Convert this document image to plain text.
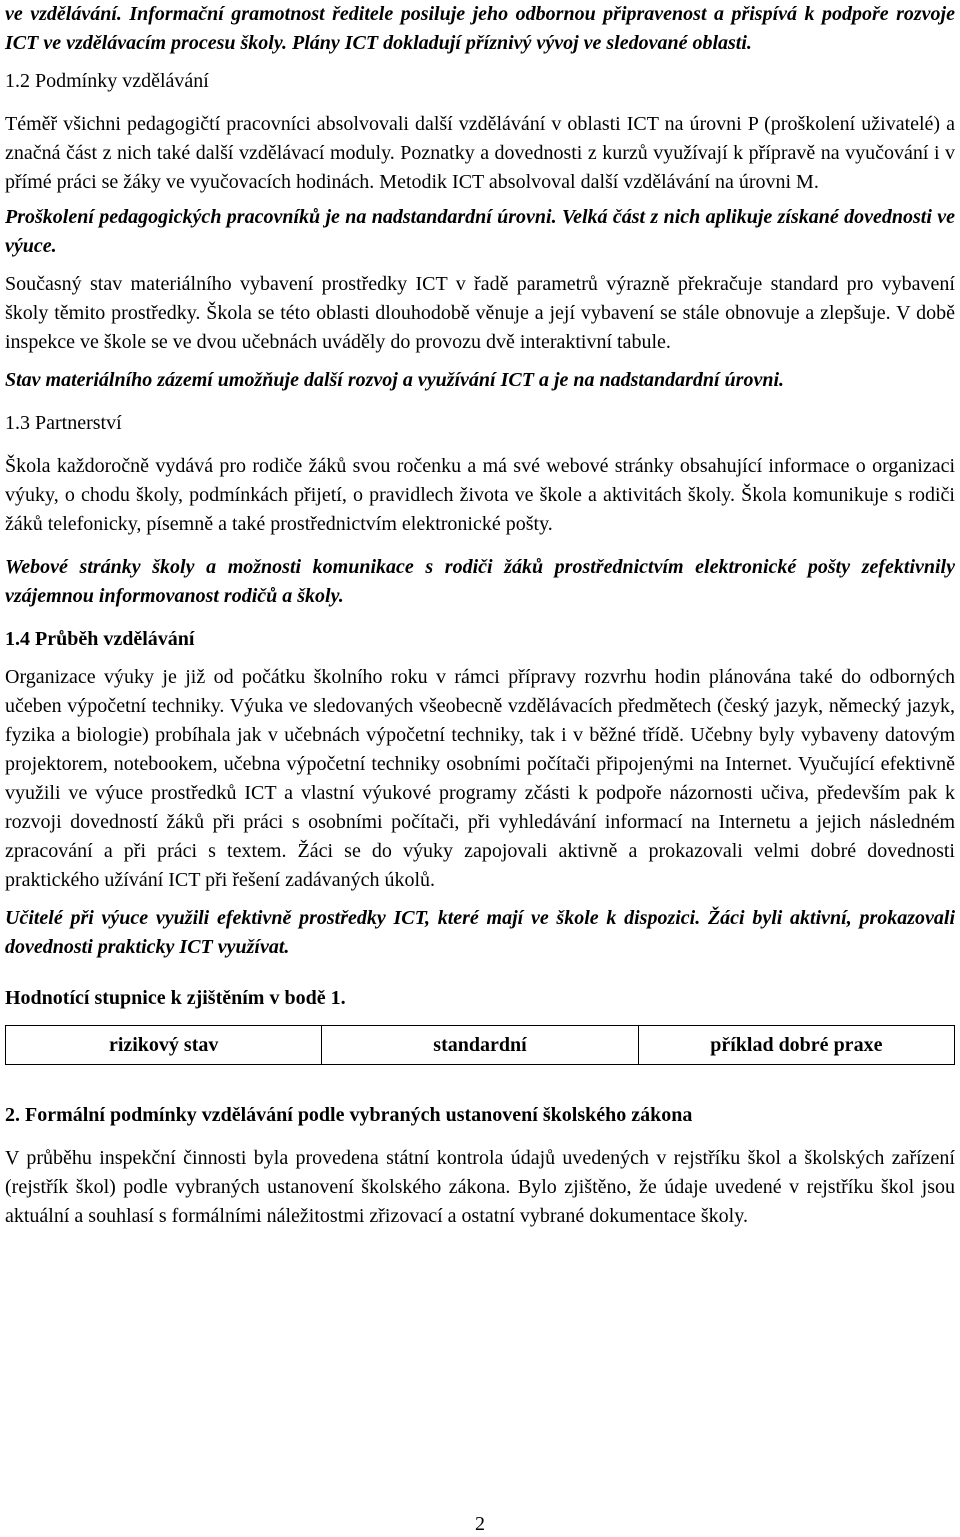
ve vzdělávání. Informační gramotnost ředitele posiluje jeho odbornou připravenost a přispívá k podpoře rozvoje ICT ve vzdělávacím procesu školy. Plány ICT dokladují příznivý vývoj ve sledované oblasti.

1.2 Podmínky vzdělávání

Téměř všichni pedagogičtí pracovníci absolvovali další vzdělávání v oblasti ICT na úrovni P (proškolení uživatelé) a značná část z nich také další vzdělávací moduly. Poznatky a dovednosti z kurzů využívají k přípravě na vyučování i v přímé práci se žáky ve vyučovacích hodinách. Metodik ICT absolvoval další vzdělávání na úrovni M.

Proškolení pedagogických pracovníků je na nadstandardní úrovni. Velká část z nich aplikuje získané dovednosti ve výuce.

Současný stav materiálního vybavení prostředky ICT v řadě parametrů výrazně překračuje standard pro vybavení školy těmito prostředky. Škola se této oblasti dlouhodobě věnuje a její vybavení se stále obnovuje a zlepšuje. V době inspekce ve škole se ve dvou učebnách uváděly do provozu dvě interaktivní tabule.

Stav materiálního zázemí umožňuje další rozvoj a využívání ICT a je na nadstandardní úrovni.

1.3 Partnerství

Škola každoročně vydává pro rodiče žáků svou ročenku a má své webové stránky obsahující informace o organizaci výuky, o chodu školy, podmínkách přijetí, o pravidlech života ve škole a aktivitách školy. Škola komunikuje s rodiči žáků telefonicky, písemně a také prostřednictvím elektronické pošty.

Webové stránky školy a možnosti komunikace s rodiči žáků prostřednictvím elektronické pošty zefektivnily vzájemnou informovanost rodičů a školy.

1.4 Průběh vzdělávání

Organizace výuky je již od počátku školního roku v rámci přípravy rozvrhu hodin plánována také do odborných učeben výpočetní techniky. Výuka ve sledovaných všeobecně vzdělávacích předmětech (český jazyk, německý jazyk, fyzika a biologie) probíhala jak v učebnách výpočetní techniky, tak i v běžné třídě. Učebny byly vybaveny datovým projektorem, notebookem, učebna výpočetní techniky osobními počítači připojenými na Internet. Vyučující efektivně využili ve výuce prostředků ICT a vlastní výukové programy zčásti k podpoře názornosti učiva, především pak k rozvoji dovedností žáků při práci s osobními počítači, při vyhledávání informací na Internetu a jejich následném zpracování a při práci s textem. Žáci se do výuky zapojovali aktivně a prokazovali velmi dobré dovednosti praktického užívání ICT při řešení zadávaných úkolů.

Učitelé při výuce využili efektivně prostředky ICT, které mají ve škole k dispozici. Žáci byli aktivní, prokazovali dovednosti prakticky ICT využívat.

Hodnotící stupnice k zjištěním v bodě 1.
rizikový stav	standardní	příklad dobré praxe
2. Formální podmínky vzdělávání podle vybraných ustanovení školského zákona

V průběhu inspekční činnosti byla provedena státní kontrola údajů uvedených v rejstříku škol a školských zařízení (rejstřík škol) podle vybraných ustanovení školského zákona. Bylo zjištěno, že údaje uvedené v rejstříku škol jsou aktuální a souhlasí s formálními náležitostmi zřizovací a ostatní vybrané dokumentace školy.

2
